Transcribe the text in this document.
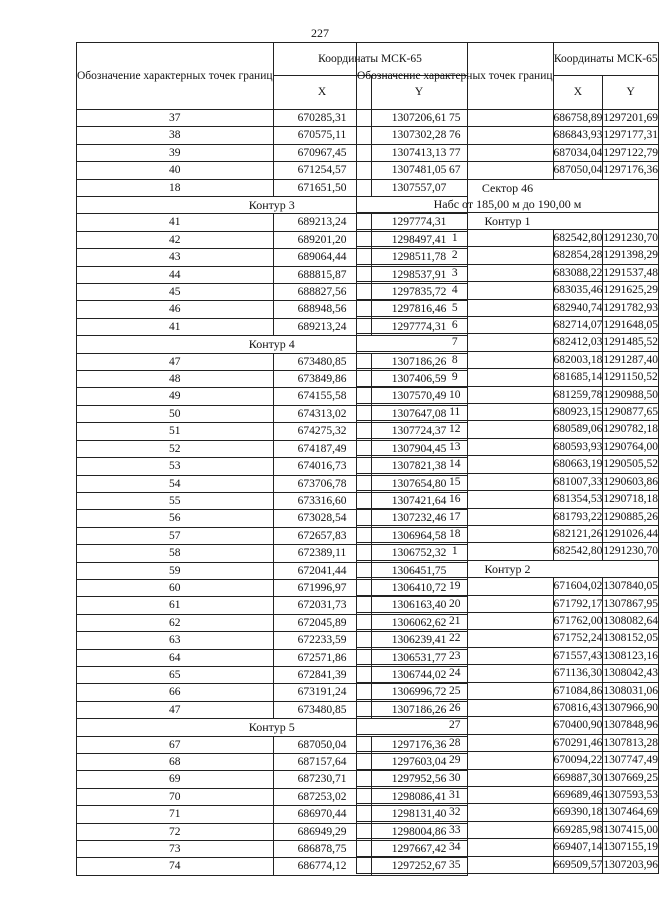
227
Обозначение характерных точек границ	Координаты МСК-65	
	X	Y
37	670285,31	1307206,61
38	670575,11	1307302,28
39	670967,45	1307413,13
40	671254,57	1307481,05
18	671651,50	1307557,07

Контур 3		

41	689213,24	1297774,31
42	689201,20	1298497,41
43	689064,44	1298511,78
44	688815,87	1298537,91
45	688827,56	1297835,72
46	688948,56	1297816,46
41	689213,24	1297774,31

Контур 4		

47	673480,85	1307186,26
48	673849,86	1307406,59
49	674155,58	1307570,49
50	674313,02	1307647,08
51	674275,32	1307724,37
52	674187,49	1307904,45
53	674016,73	1307821,38
54	673706,78	1307654,80
55	673316,60	1307421,64
56	673028,54	1307232,46
57	672657,83	1306964,58
58	672389,11	1306752,32
59	672041,44	1306451,75
60	671996,97	1306410,72
61	672031,73	1306163,40
62	672045,89	1306062,62
63	672233,59	1306239,41
64	672571,86	1306531,77
65	672841,39	1306744,02
66	673191,24	1306996,72
47	673480,85	1307186,26

Контур 5		

67	687050,04	1297176,36
68	687157,64	1297603,04
69	687230,71	1297952,56
70	687253,02	1298086,41
71	686970,44	1298131,40
72	686949,29	1298004,86
73	686878,75	1297667,42
74	686774,12	1297252,67
Обозначение характерных точек границ	Координаты МСК-65	
	X	Y
75	686758,89	1297201,69
76	686843,93	1297177,31
77	687034,04	1297122,79
67	687050,04	1297176,36

Сектор 46
Набс от 185,00 м до 190,00 м		

Контур 1		

1	682542,80	1291230,70
2	682854,28	1291398,29
3	683088,22	1291537,48
4	683035,46	1291625,29
5	682940,74	1291782,93
6	682714,07	1291648,05
7	682412,03	1291485,52
8	682003,18	1291287,40
9	681685,14	1291150,52
10	681259,78	1290988,50
11	680923,15	1290877,65
12	680589,06	1290782,18
13	680593,93	1290764,00
14	680663,19	1290505,52
15	681007,33	1290603,86
16	681354,53	1290718,18
17	681793,22	1290885,26
18	682121,26	1291026,44
1	682542,80	1291230,70

Контур 2		

19	671604,02	1307840,05
20	671792,17	1307867,95
21	671762,00	1308082,64
22	671752,24	1308152,05
23	671557,43	1308123,16
24	671136,30	1308042,43
25	671084,86	1308031,06
26	670816,43	1307966,90
27	670400,90	1307848,96
28	670291,46	1307813,28
29	670094,22	1307747,49
30	669887,30	1307669,25
31	669689,46	1307593,53
32	669390,18	1307464,69
33	669285,98	1307415,00
34	669407,14	1307155,19
35	669509,57	1307203,96
